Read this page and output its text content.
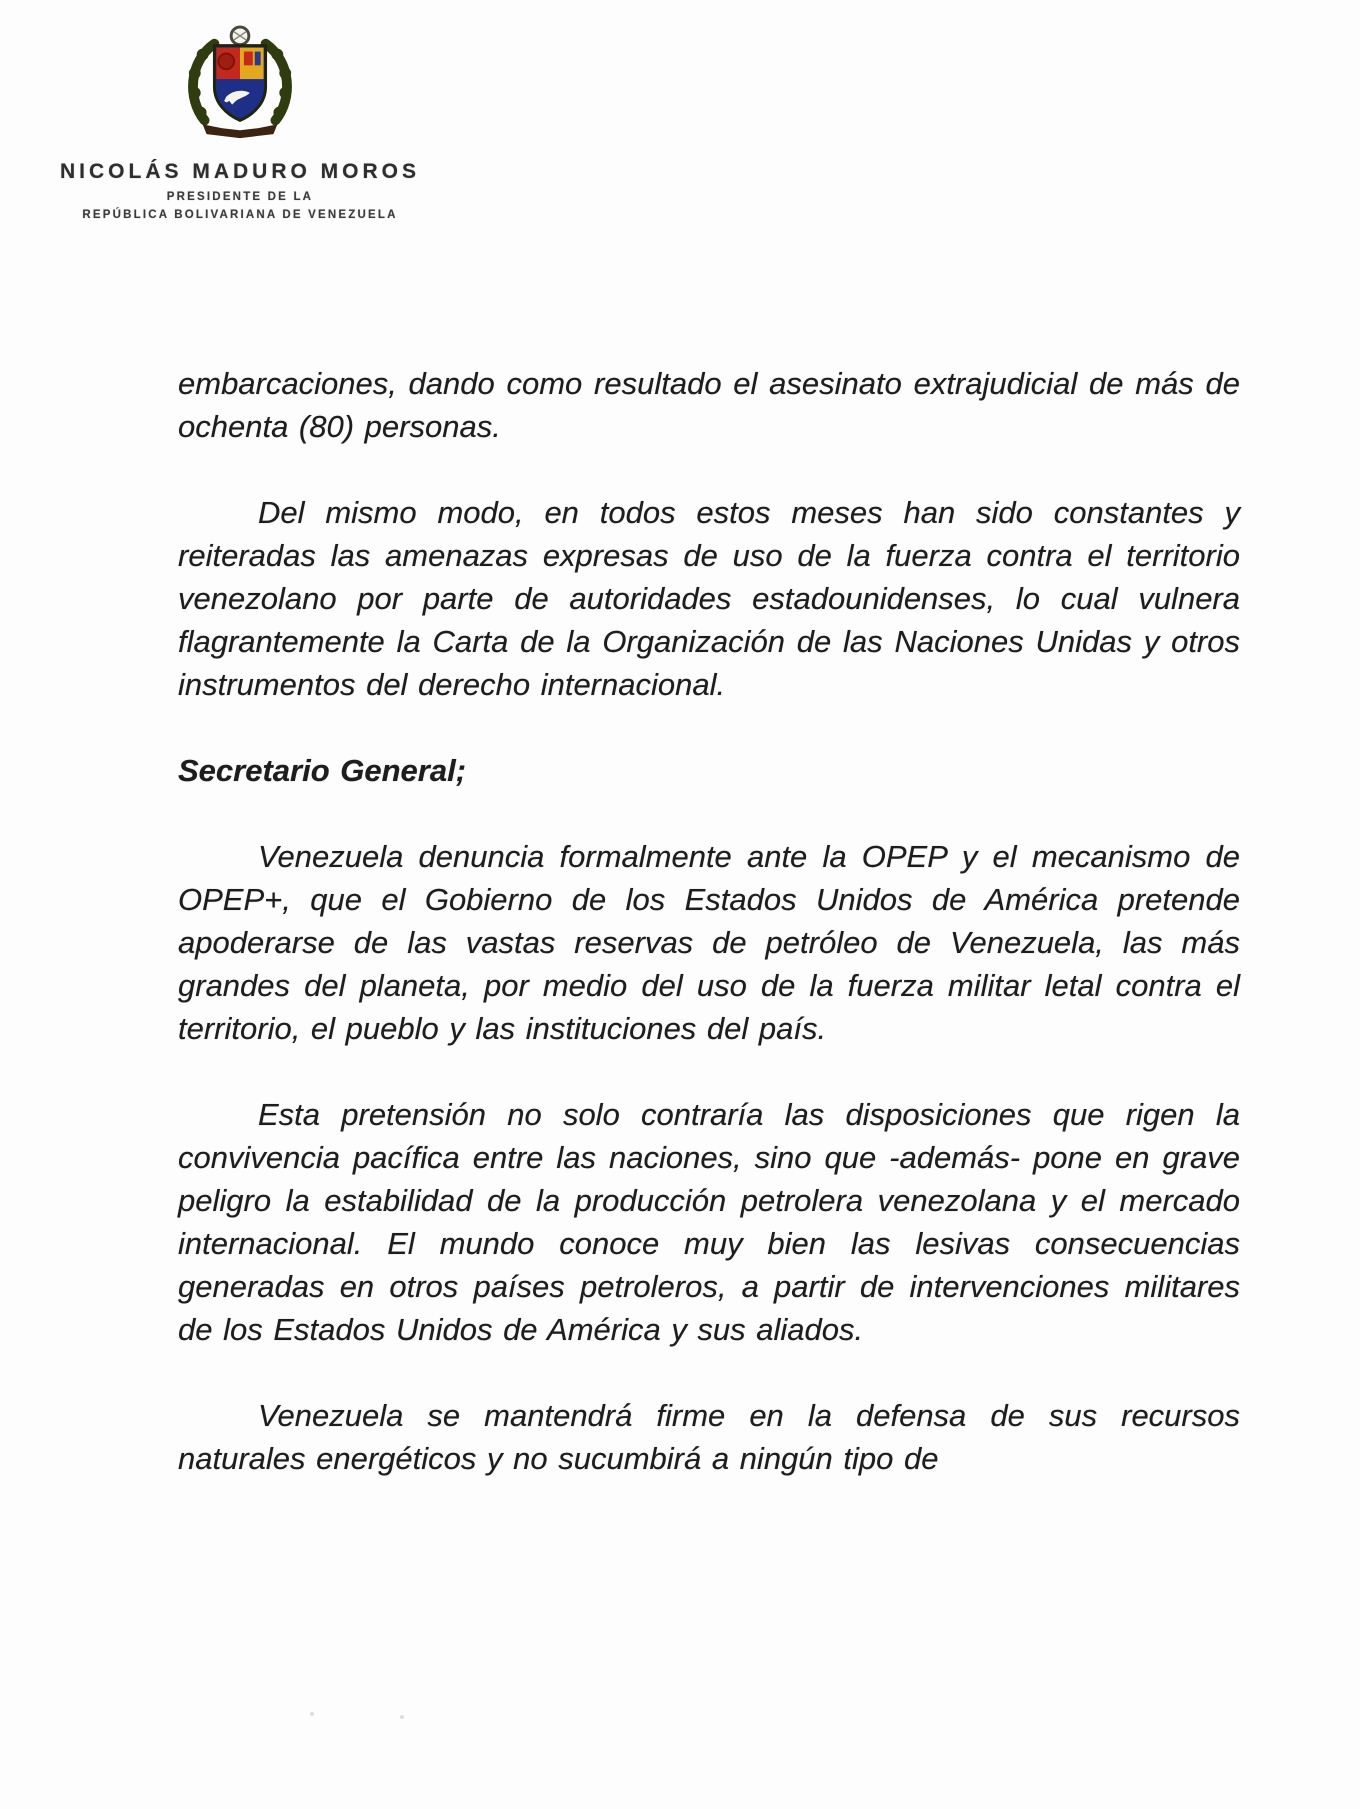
NICOLÁS MADURO MOROS
PRESIDENTE DE LA
REPÚBLICA BOLIVARIANA DE VENEZUELA

embarcaciones, dando como resultado el asesinato extrajudicial de más de ochenta (80) personas.

Del mismo modo, en todos estos meses han sido constantes y reiteradas las amenazas expresas de uso de la fuerza contra el territorio venezolano por parte de autoridades estadounidenses, lo cual vulnera flagrantemente la Carta de la Organización de las Naciones Unidas y otros instrumentos del derecho internacional.

Secretario General;

Venezuela denuncia formalmente ante la OPEP y el mecanismo de OPEP+, que el Gobierno de los Estados Unidos de América pretende apoderarse de las vastas reservas de petróleo de Venezuela, las más grandes del planeta, por medio del uso de la fuerza militar letal contra el territorio, el pueblo y las instituciones del país.

Esta pretensión no solo contraría las disposiciones que rigen la convivencia pacífica entre las naciones, sino que -además- pone en grave peligro la estabilidad de la producción petrolera venezolana y el mercado internacional. El mundo conoce muy bien las lesivas consecuencias generadas en otros países petroleros, a partir de intervenciones militares de los Estados Unidos de América y sus aliados.

Venezuela se mantendrá firme en la defensa de sus recursos naturales energéticos y no sucumbirá a ningún tipo de
